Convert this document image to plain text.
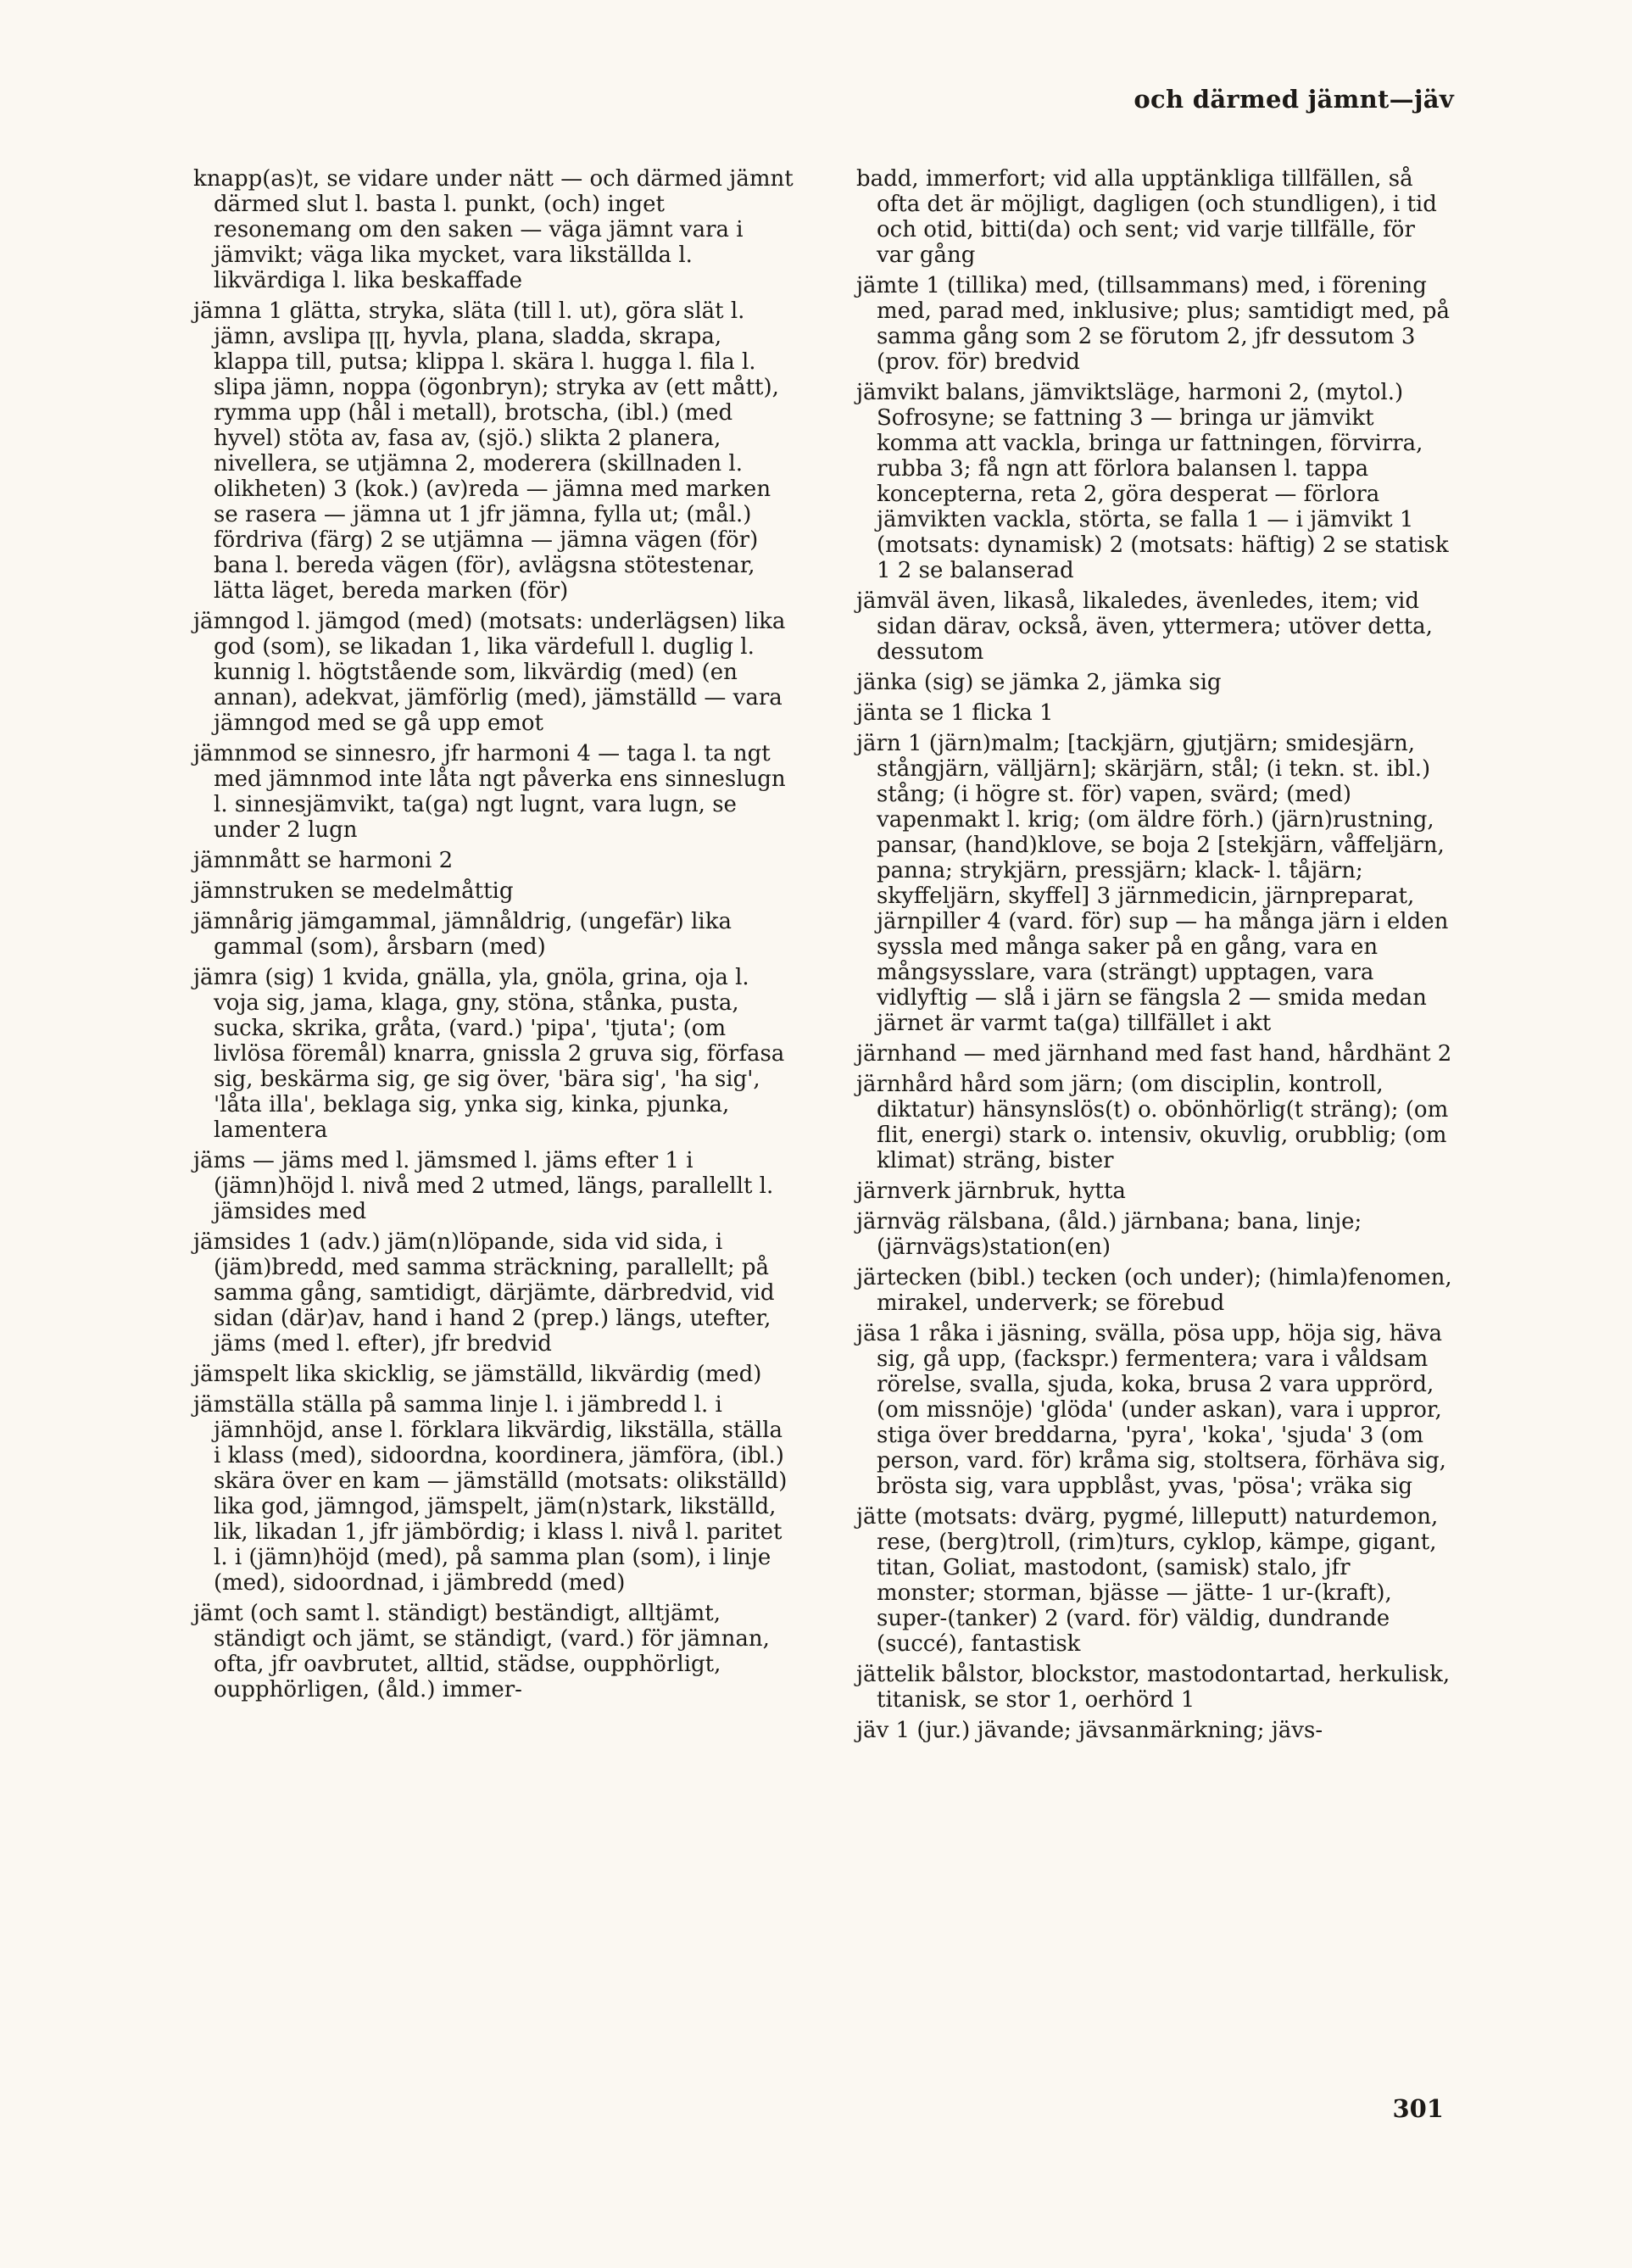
och därmed jämnt—jäv

knapp(as)t, se vidare under nätt — och därmed jämnt därmed slut l. basta l. punkt, (och) inget resonemang om den saken — väga jämnt vara i jämvikt; väga lika mycket, vara likställda l. likvärdiga l. lika beskaffade

jämna 1 glätta, stryka, släta (till l. ut), göra slät l. jämn, avslipa ꞁꞁꞁ, hyvla, plana, sladda, skrapa, klappa till, putsa; klippa l. skära l. hugga l. fila l. slipa jämn, noppa (ögonbryn); stryka av (ett mått), rymma upp (hål i metall), brotscha, (ibl.) (med hyvel) stöta av, fasa av, (sjö.) slikta 2 planera, nivellera, se utjämna 2, moderera (skillnaden l. olikheten) 3 (kok.) (av)reda — jämna med marken se rasera — jämna ut 1 jfr jämna, fylla ut; (mål.) fördriva (färg) 2 se utjämna — jämna vägen (för) bana l. bereda vägen (för), avlägsna stötestenar, lätta läget, bereda marken (för)

jämngod l. jämgod (med) (motsats: underlägsen) lika god (som), se likadan 1, lika värdefull l. duglig l. kunnig l. högtstående som, likvärdig (med) (en annan), adekvat, jämförlig (med), jämställd — vara jämngod med se gå upp emot

jämnmod se sinnesro, jfr harmoni 4 — taga l. ta ngt med jämnmod inte låta ngt påverka ens sinneslugn l. sinnesjämvikt, ta(ga) ngt lugnt, vara lugn, se under 2 lugn

jämnmått se harmoni 2

jämnstruken se medelmåttig

jämnårig jämgammal, jämnåldrig, (ungefär) lika gammal (som), årsbarn (med)

jämra (sig) 1 kvida, gnälla, yla, gnöla, grina, oja l. voja sig, jama, klaga, gny, stöna, stånka, pusta, sucka, skrika, gråta, (vard.) 'pipa', 'tjuta'; (om livlösa föremål) knarra, gnissla 2 gruva sig, förfasa sig, beskärma sig, ge sig över, 'bära sig', 'ha sig', 'låta illa', beklaga sig, ynka sig, kinka, pjunka, lamentera

jäms — jäms med l. jämsmed l. jäms efter 1 i (jämn)höjd l. nivå med 2 utmed, längs, parallellt l. jämsides med

jämsides 1 (adv.) jäm(n)löpande, sida vid sida, i (jäm)bredd, med samma sträckning, parallellt; på samma gång, samtidigt, därjämte, därbredvid, vid sidan (där)av, hand i hand 2 (prep.) längs, utefter, jäms (med l. efter), jfr bredvid

jämspelt lika skicklig, se jämställd, likvärdig (med)

jämställa ställa på samma linje l. i jämbredd l. i jämnhöjd, anse l. förklara likvärdig, likställa, ställa i klass (med), sidoordna, koordinera, jämföra, (ibl.) skära över en kam — jämställd (motsats: olikställd) lika god, jämngod, jämspelt, jäm(n)stark, likställd, lik, likadan 1, jfr jämbördig; i klass l. nivå l. paritet l. i (jämn)höjd (med), på samma plan (som), i linje (med), sidoordnad, i jämbredd (med)

jämt (och samt l. ständigt) beständigt, alltjämt, ständigt och jämt, se ständigt, (vard.) för jämnan, ofta, jfr oavbrutet, alltid, städse, oupphörligt, oupphörligen, (åld.) immer-

badd, immerfort; vid alla upptänkliga tillfällen, så ofta det är möjligt, dagligen (och stundligen), i tid och otid, bitti(da) och sent; vid varje tillfälle, för var gång

jämte 1 (tillika) med, (tillsammans) med, i förening med, parad med, inklusive; plus; samtidigt med, på samma gång som 2 se förutom 2, jfr dessutom 3 (prov. för) bredvid

jämvikt balans, jämviktsläge, harmoni 2, (mytol.) Sofrosyne; se fattning 3 — bringa ur jämvikt komma att vackla, bringa ur fattningen, förvirra, rubba 3; få ngn att förlora balansen l. tappa koncepterna, reta 2, göra desperat — förlora jämvikten vackla, störta, se falla 1 — i jämvikt 1 (motsats: dynamisk) 2 (motsats: häftig) 2 se statisk 1 2 se balanserad

jämväl även, likaså, likaledes, ävenledes, item; vid sidan därav, också, även, yttermera; utöver detta, dessutom

jänka (sig) se jämka 2, jämka sig

jänta se 1 flicka 1

järn 1 (järn)malm; [tackjärn, gjutjärn; smidesjärn, stångjärn, välljärn]; skärjärn, stål; (i tekn. st. ibl.) stång; (i högre st. för) vapen, svärd; (med) vapenmakt l. krig; (om äldre förh.) (järn)rustning, pansar, (hand)klove, se boja 2 [stekjärn, våffeljärn, panna; strykjärn, pressjärn; klack- l. tåjärn; skyffeljärn, skyffel] 3 järnmedicin, järnpreparat, järnpiller 4 (vard. för) sup — ha många järn i elden syssla med många saker på en gång, vara en mångsysslare, vara (strängt) upptagen, vara vidlyftig — slå i järn se fängsla 2 — smida medan järnet är varmt ta(ga) tillfället i akt

järnhand — med järnhand med fast hand, hårdhänt 2

järnhård hård som järn; (om disciplin, kontroll, diktatur) hänsynslös(t) o. obönhörlig(t sträng); (om flit, energi) stark o. intensiv, okuvlig, orubblig; (om klimat) sträng, bister

järnverk järnbruk, hytta

järnväg rälsbana, (åld.) järnbana; bana, linje; (järnvägs)station(en)

järtecken (bibl.) tecken (och under); (himla)fenomen, mirakel, underverk; se förebud

jäsa 1 råka i jäsning, svälla, pösa upp, höja sig, häva sig, gå upp, (fackspr.) fermentera; vara i våldsam rörelse, svalla, sjuda, koka, brusa 2 vara upprörd, (om missnöje) 'glöda' (under askan), vara i uppror, stiga över breddarna, 'pyra', 'koka', 'sjuda' 3 (om person, vard. för) kråma sig, stoltsera, förhäva sig, brösta sig, vara uppblåst, yvas, 'pösa'; vräka sig

jätte (motsats: dvärg, pygmé, lilleputt) naturdemon, rese, (berg)troll, (rim)turs, cyklop, kämpe, gigant, titan, Goliat, mastodont, (samisk) stalo, jfr monster; storman, bjässe — jätte- 1 ur-(kraft), super-(tanker) 2 (vard. för) väldig, dundrande (succé), fantastisk

jättelik bålstor, blockstor, mastodontartad, herkulisk, titanisk, se stor 1, oerhörd 1

jäv 1 (jur.) jävande; jävsanmärkning; jävs-

301
